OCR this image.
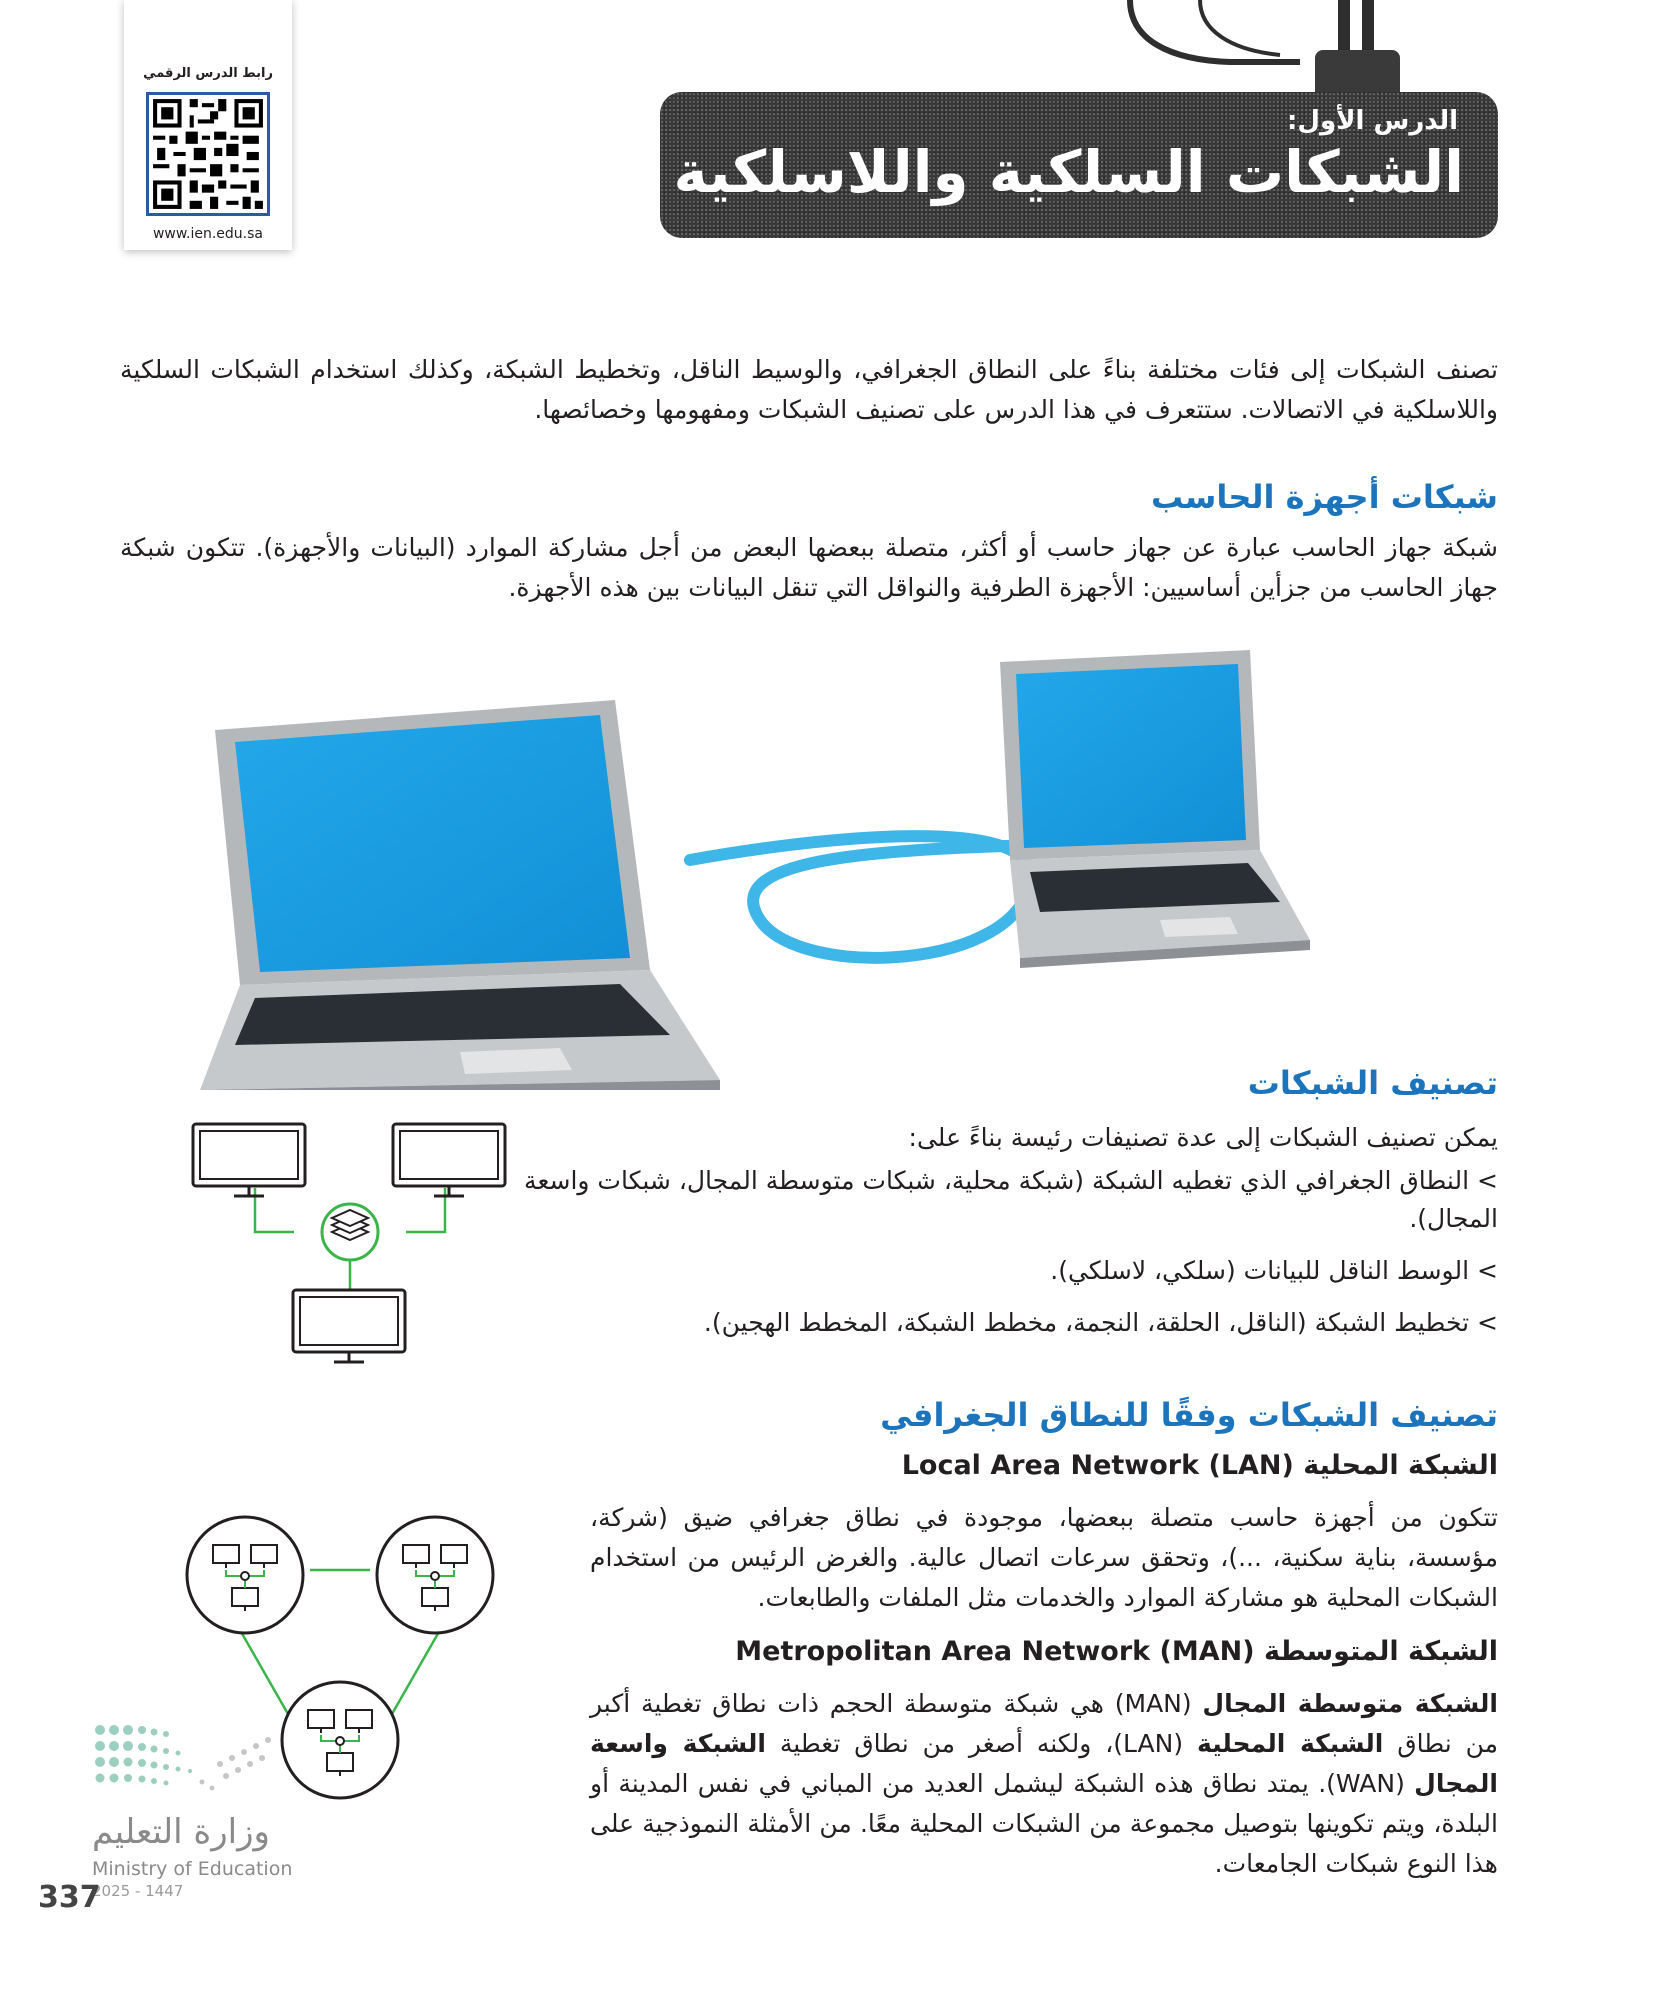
رابط الدرس الرقمي
www.ien.edu.sa
الدرس الأول:
الشبكات السلكية واللاسلكية
تصنف الشبكات إلى فئات مختلفة بناءً على النطاق الجغرافي، والوسيط الناقل، وتخطيط الشبكة، وكذلك استخدام الشبكات السلكية واللاسلكية في الاتصالات. ستتعرف في هذا الدرس على تصنيف الشبكات ومفهومها وخصائصها.
شبكات أجهزة الحاسب
شبكة جهاز الحاسب عبارة عن جهاز حاسب أو أكثر، متصلة ببعضها البعض من أجل مشاركة الموارد (البيانات والأجهزة). تتكون شبكة جهاز الحاسب من جزأين أساسيين: الأجهزة الطرفية والنواقل التي تنقل البيانات بين هذه الأجهزة.
تصنيف الشبكات
يمكن تصنيف الشبكات إلى عدة تصنيفات رئيسة بناءً على:
>النطاق الجغرافي الذي تغطيه الشبكة (شبكة محلية، شبكات متوسطة المجال، شبكات واسعة المجال).
>الوسط الناقل للبيانات (سلكي، لاسلكي).
>تخطيط الشبكة (الناقل، الحلقة، النجمة، مخطط الشبكة، المخطط الهجين).
تصنيف الشبكات وفقًا للنطاق الجغرافي
الشبكة المحلية (LAN) Local Area Network
تتكون من أجهزة حاسب متصلة ببعضها، موجودة في نطاق جغرافي ضيق (شركة، مؤسسة، بناية سكنية، ...)، وتحقق سرعات اتصال عالية. والغرض الرئيس من استخدام الشبكات المحلية هو مشاركة الموارد والخدمات مثل الملفات والطابعات.
الشبكة المتوسطة (MAN) Metropolitan Area Network
الشبكة متوسطة المجال (MAN) هي شبكة متوسطة الحجم ذات نطاق تغطية أكبر من نطاق الشبكة المحلية (LAN)، ولكنه أصغر من نطاق تغطية الشبكة واسعة المجال (WAN). يمتد نطاق هذه الشبكة ليشمل العديد من المباني في نفس المدينة أو البلدة، ويتم تكوينها بتوصيل مجموعة من الشبكات المحلية معًا. من الأمثلة النموذجية على هذا النوع شبكات الجامعات.
وزارة التعليم
Ministry of Education
2025 - 1447
337
